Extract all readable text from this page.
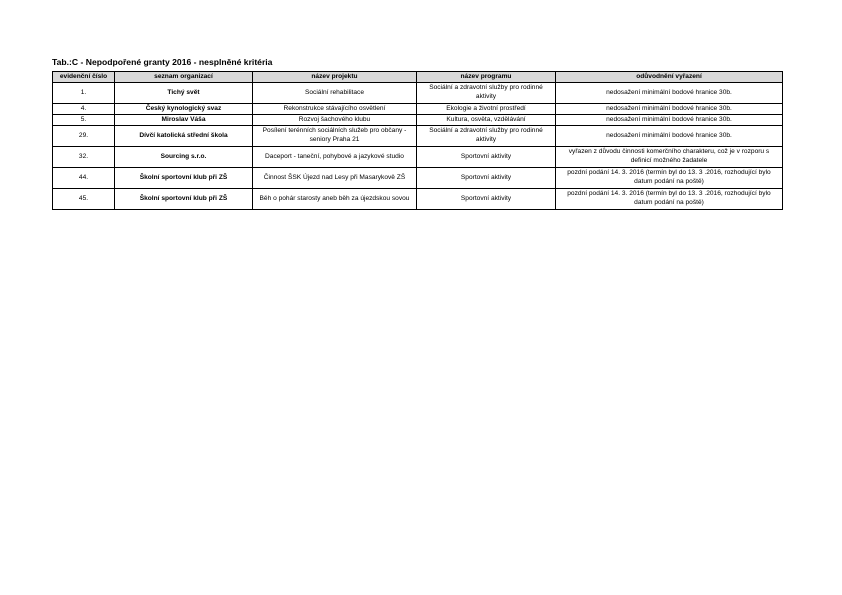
Tab.:C - Nepodpořené granty 2016 - nesplněné kritéria
evidenční číslo	seznam organizací	název projektu	název programu	odůvodnění vyřazení
1.	Tichý svět	Sociální rehabilitace	Sociální a zdravotní služby pro rodinné aktivity	nedosažení minimální bodové hranice 30b.
4.	Český kynologický svaz	Rekonstrukce stávajícího osvětlení	Ekologie a životní prostředí	nedosažení minimální bodové hranice 30b.
5.	Miroslav Váša	Rozvoj šachového klubu	Kultura, osvěta, vzdělávání	nedosažení minimální bodové hranice 30b.
29.	Dívčí katolická střední škola	Posílení terénních sociálních služeb pro občany - seniory Praha 21	Sociální a zdravotní služby pro rodinné aktivity	nedosažení minimální bodové hranice 30b.
32.	Sourcing s.r.o.	Daceport - taneční, pohybové a jazykové studio	Sportovní aktivity	vyřazen z důvodu činnosti komerčního charakteru, což je v rozporu s definicí možného žadatele
44.	Školní sportovní klub při ZŠ	Činnost ŠSK Újezd nad Lesy při Masarykově ZŠ	Sportovní aktivity	pozdní podání 14. 3. 2016 (termín byl do 13. 3 .2016, rozhodující bylo datum podání na poště)
45.	Školní sportovní klub při ZŠ	Běh o pohár starosty aneb běh za újezdskou sovou	Sportovní aktivity	pozdní podání 14. 3. 2016 (termín byl do 13. 3 .2016, rozhodující bylo datum podání na poště)
